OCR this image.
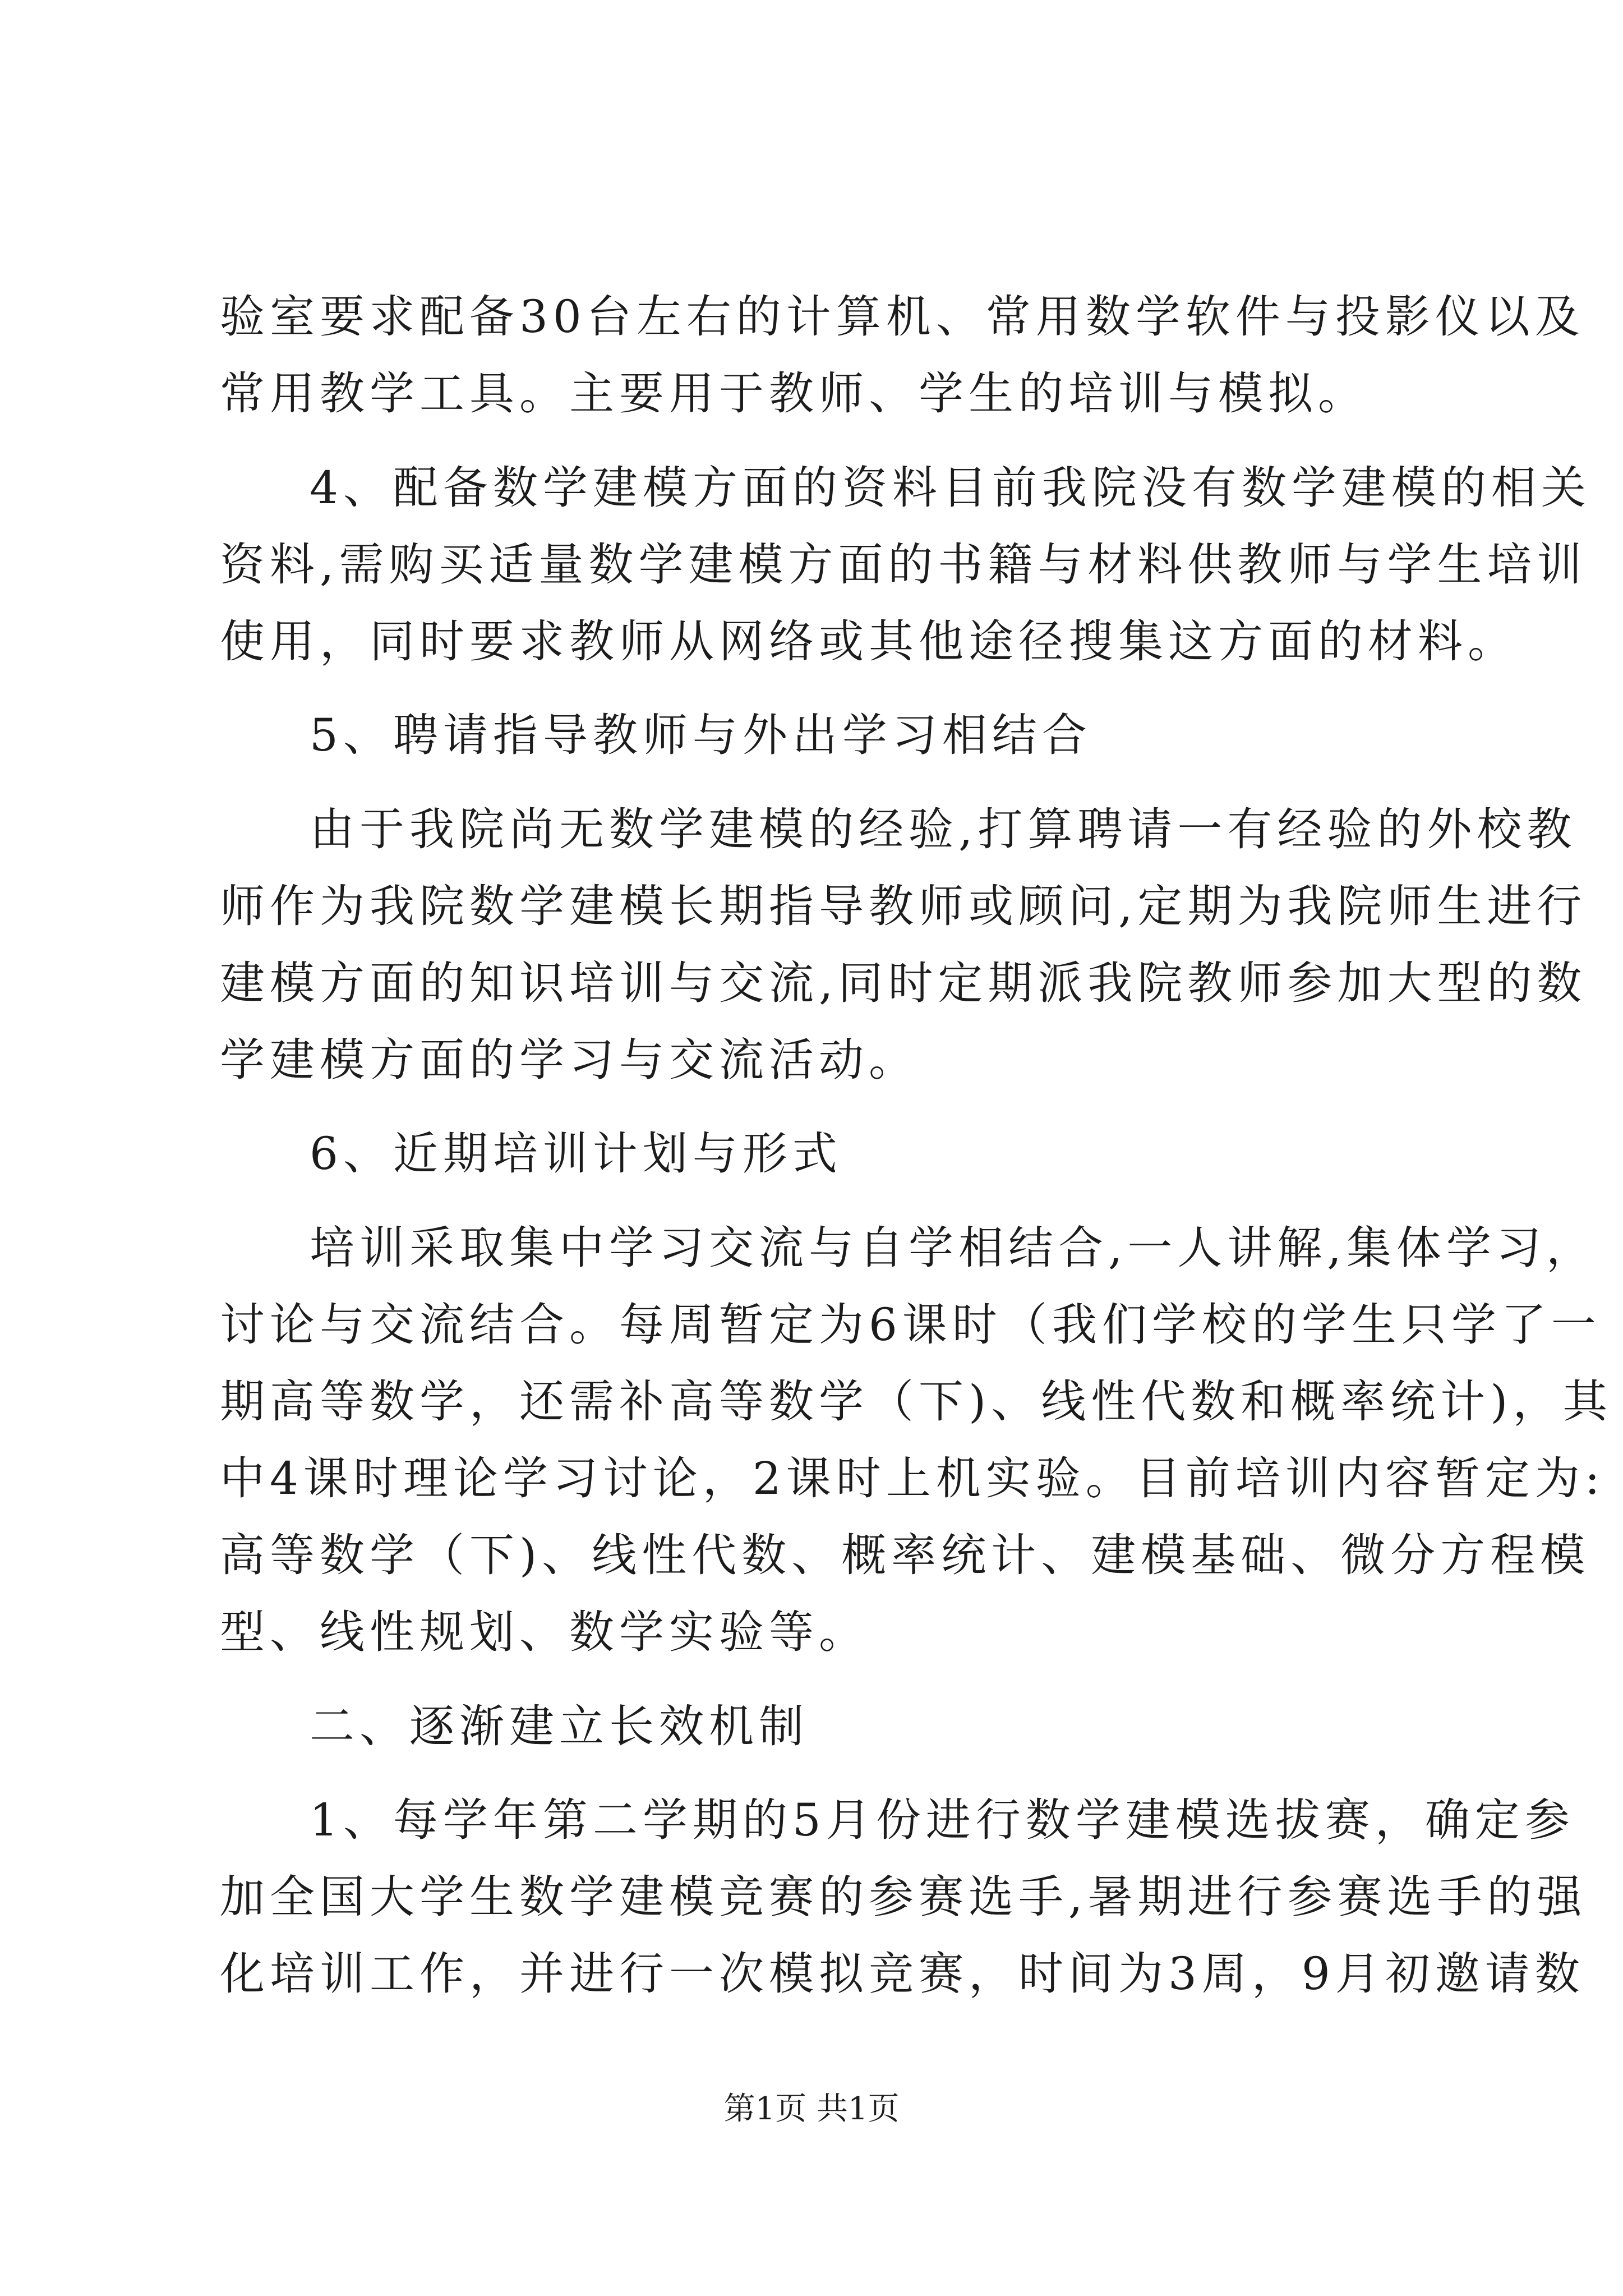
验室要求配备30台左右的计算机、常用数学软件与投影仪以及
常用教学工具。主要用于教师、学生的培训与模拟。
4、配备数学建模方面的资料目前我院没有数学建模的相关
资料,需购买适量数学建模方面的书籍与材料供教师与学生培训
使用，同时要求教师从网络或其他途径搜集这方面的材料。
5、聘请指导教师与外出学习相结合
由于我院尚无数学建模的经验,打算聘请一有经验的外校教
师作为我院数学建模长期指导教师或顾问,定期为我院师生进行
建模方面的知识培训与交流,同时定期派我院教师参加大型的数
学建模方面的学习与交流活动。
6、近期培训计划与形式
培训采取集中学习交流与自学相结合,一人讲解,集体学习，
讨论与交流结合。每周暂定为6课时（我们学校的学生只学了一
期高等数学，还需补高等数学（下)、线性代数和概率统计)，其
中4课时理论学习讨论，2课时上机实验。目前培训内容暂定为:
高等数学（下)、线性代数、概率统计、建模基础、微分方程模
型、线性规划、数学实验等。
二、逐渐建立长效机制
1、每学年第二学期的5月份进行数学建模选拔赛，确定参
加全国大学生数学建模竞赛的参赛选手,暑期进行参赛选手的强
化培训工作，并进行一次模拟竞赛，时间为3周，9月初邀请数
第1页 共1页
